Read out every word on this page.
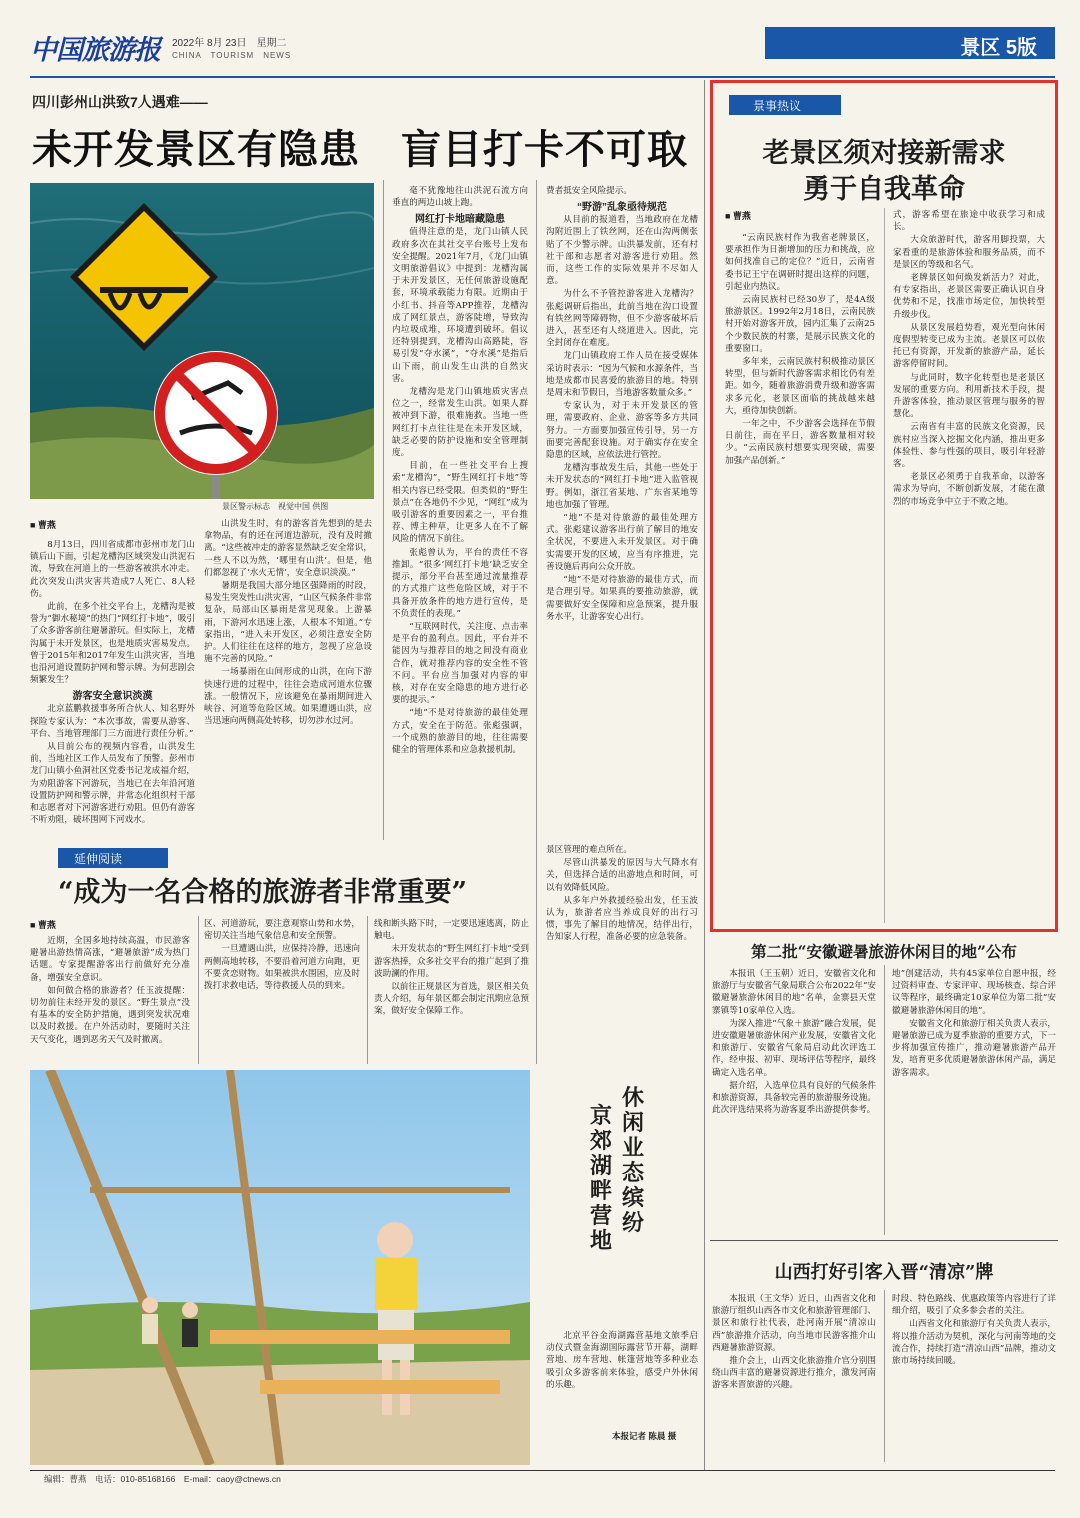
中国旅游报 2022年 8月 23日　星期二
CHINA　TOURISM　NEWS	景区 5版
四川彭州山洪致7人遇难——
未开发景区有隐患　盲目打卡不可取
景区警示标志　视觉中国 供图
■ 曹燕

8月13日，四川省成都市彭州市龙门山镇后山下面，引起龙槽沟区域突发山洪泥石流，导致在河道上的一些游客被洪水冲走。此次突发山洪灾害共造成7人死亡、8人轻伤。

此前，在多个社交平台上，龙槽沟是被誉为“御水秘境”的热门“网红打卡地”，吸引了众多游客前往避暑游玩。但实际上，龙槽沟属于未开发景区，也是地质灾害易发点。曾于2015年和2017年发生山洪灾害，当地也沿河道设置防护网和警示牌。为何悲剧会频繁发生？

游客安全意识淡漠

北京蓝鹏救援事务所合伙人、知名野外探险专家认为：“本次事故，需要从游客、平台、当地管理部门三方面进行责任分析。”

从目前公布的视频内容看，山洪发生前，当地社区工作人员发布了预警。彭州市龙门山镇小鱼洞社区党委书记龙成福介绍，为劝阻游客下河游玩，当地已在去年沿河道设置防护网和警示牌，并常态化组织村干部和志愿者对下河游客进行劝阻。但仍有游客不听劝阻，破坏围网下河戏水。

山洪发生时，有的游客首先想到的是去拿物品，有的还在河道边游玩，没有及时撤离。“这些被冲走的游客显然缺乏安全常识，一些人不以为然，‘哪里有山洪’。但是，他们都忽视了‘水火无情’，安全意识淡漠。”

暑期是我国大部分地区强降雨的时段，易发生突发性山洪灾害，“山区气候条件非常复杂，局部山区暴雨是常见现象。上游暴雨，下游河水迅速上涨，人根本不知道。”专家指出，“进入未开发区，必须注意安全防护。人们往往在这样的地方，忽视了应急设施不完善的风险。”

一场暴雨在山间形成的山洪，在向下游快速行进的过程中，往往会造成河道水位骤涨。一般情况下，应该避免在暴雨期间进入峡谷、河道等危险区域。如果遭遇山洪，应当迅速向两侧高处转移，切勿涉水过河。

毫不犹豫地往山洪泥石流方向垂直的两边山坡上跑。

网红打卡地暗藏隐患

值得注意的是，龙门山镇人民政府多次在其社交平台账号上发布安全提醒。2021年7月，《龙门山镇文明旅游倡议》中提到：龙槽沟属于未开发景区，无任何旅游设施配套，环境承载能力有限。近期由于小红书、抖音等APP推荐，龙槽沟成了网红景点，游客陡增，导致沟内垃圾成堆，环境遭到破坏。倡议还特别提到，龙槽沟山高路陡，容易引发“夺水溪”，“夺水溪”是指后山下雨，前山发生山洪的自然灾害。

龙槽沟是龙门山镇地质灾害点位之一，经常发生山洪。如果人群被冲到下游，很难施救。当地一些网红打卡点往往是在未开发区域，缺乏必要的防护设施和安全管理制度。

目前，在一些社交平台上搜索“龙槽沟”，“野生网红打卡地”等相关内容已经受限。但类似的“野生景点”在各地仍不少见，“网红”成为吸引游客的重要因素之一，平台推荐、博主种草，让更多人在不了解风险的情况下前往。

张彪曾认为，平台的责任不容推卸。“很多‘网红打卡地’缺乏安全提示，部分平台甚至通过流量推荐的方式推广这些危险区域，对于不具备开放条件的地方进行宣传，是不负责任的表现。”

“互联网时代，关注度、点击率是平台的盈利点。因此，平台并不能因为与推荐目的地之间没有商业合作，就对推荐内容的安全性不管不问。平台应当加强对内容的审核，对存在安全隐患的地方进行必要的提示。”

“地”不是对待旅游的最佳处理方式，安全在于防范。张彪强调，一个成熟的旅游目的地，往往需要健全的管理体系和应急救援机制。

费者抵安全风险提示。

“野游”乱象亟待规范

从目前的报道看，当地政府在龙槽沟附近围上了铁丝网，还在山沟两侧张贴了不少警示牌。山洪暴发前，还有村社干部和志愿者对游客进行劝阻。然而，这些工作的实际效果并不尽如人意。

为什么不予管控游客进入龙槽沟？张彪调研后指出，此前当地在沟口设置有铁丝网等障碍物，但不少游客破坏后进入，甚至还有人绕道进入。因此，完全封闭存在难度。

龙门山镇政府工作人员在接受媒体采访时表示：“因为气候和水源条件，当地是成都市民喜爱的旅游目的地。特别是周末和节假日，当地游客数量众多。”

专家认为，对于未开发景区的管理，需要政府、企业、游客等多方共同努力。一方面要加强宣传引导，另一方面要完善配套设施。对于确实存在安全隐患的区域，应依法进行管控。

龙槽沟事故发生后，其他一些处于未开发状态的“网红打卡地”进入监管视野。例如，浙江省某地、广东省某地等地也加强了管理。

“地”不是对待旅游的最佳处理方式。张彪建议游客出行前了解目的地安全状况，不要进入未开发景区。对于确实需要开发的区域，应当有序推进，完善设施后再向公众开放。

“地”不是对待旅游的最佳方式，而是合理引导。如果真的要推动旅游，就需要做好安全保障和应急预案，提升服务水平，让游客安心出行。

景事热议
老景区须对接新需求
勇于自我革命
■ 曹燕

“云南民族村作为我省老牌景区，要承担作为日渐增加的压力和挑战，应如何找准自己的定位？”近日，云南省委书记王宁在调研时提出这样的问题，引起业内热议。

云南民族村已经30岁了，是4A级旅游景区。1992年2月18日，云南民族村开始对游客开放，园内汇集了云南25个少数民族的村寨，是展示民族文化的重要窗口。

多年来，云南民族村积极推动景区转型，但与新时代游客需求相比仍有差距。如今，随着旅游消费升级和游客需求多元化，老景区面临的挑战越来越大，亟待加快创新。

一年之中，不少游客会选择在节假日前往，而在平日，游客数量相对较少。“云南民族村想要实现突破，需要加强产品创新。”

式，游客希望在旅途中收获学习和成长。

大众旅游时代，游客用脚投票，大家看重的是旅游体验和服务品质，而不是景区的等级和名气。

老牌景区如何焕发新活力？对此，有专家指出，老景区需要正确认识自身优势和不足，找准市场定位，加快转型升级步伐。

从景区发展趋势看，观光型向休闲度假型转变已成为主流。老景区可以依托已有资源，开发新的旅游产品，延长游客停留时间。

与此同时，数字化转型也是老景区发展的重要方向。利用新技术手段，提升游客体验，推动景区管理与服务的智慧化。

云南省有丰富的民族文化资源，民族村应当深入挖掘文化内涵，推出更多体验性、参与性强的项目，吸引年轻游客。

老景区必须勇于自我革命，以游客需求为导向，不断创新发展，才能在激烈的市场竞争中立于不败之地。

延伸阅读
“成为一名合格的旅游者非常重要”
■ 曹燕

近期，全国多地持续高温，市民游客避暑出游热情高涨，“避暑旅游”成为热门话题。专家提醒游客出行前做好充分准备，增强安全意识。

如何做合格的旅游者？任玉波提醒：切勿前往未经开发的景区。“野生景点”没有基本的安全防护措施，遇到突发状况难以及时救援。在户外活动时，要随时关注天气变化，遇到恶劣天气及时撤离。

区、河道游玩，要注意观察山势和水势，密切关注当地气象信息和安全预警。

一旦遭遇山洪，应保持冷静，迅速向两侧高地转移，不要沿着河道方向跑，更不要贪恋财物。如果被洪水围困，应及时拨打求救电话，等待救援人员的到来。

线和断头路下时，一定要迅速逃离，防止触电。

未开发状态的“野生网红打卡地”受到游客热捧，众多社交平台的推广起到了推波助澜的作用。

以前往正规景区为首选，景区相关负责人介绍，每年景区都会制定汛期应急预案，做好安全保障工作。

景区管理的难点所在。

尽管山洪暴发的原因与大气降水有关，但选择合适的出游地点和时间，可以有效降低风险。

从多年户外救援经验出发，任玉波认为，旅游者应当养成良好的出行习惯，事先了解目的地情况，结伴出行，告知家人行程，准备必要的应急装备。

京郊湖畔营地
休闲业态缤纷

北京平谷金海湖露营基地文旅季启动仪式暨金海湖国际露营节开幕，湖畔营地、房车营地、帐篷营地等多种业态吸引众多游客前来体验，感受户外休闲的乐趣。

本报记者 陈晨 摄
第二批“安徽避暑旅游休闲目的地”公布

本报讯（王玉朝）近日，安徽省文化和旅游厅与安徽省气象局联合公布2022年“安徽避暑旅游休闲目的地”名单，金寨县天堂寨镇等10家单位入选。

为深入推进“气象＋旅游”融合发展，促进安徽避暑旅游休闲产业发展，安徽省文化和旅游厅、安徽省气象局启动此次评选工作，经申报、初审、现场评估等程序，最终确定入选名单。

据介绍，入选单位具有良好的气候条件和旅游资源，具备较完善的旅游服务设施。此次评选结果将为游客夏季出游提供参考。

地”创建活动，共有45家单位自愿申报，经过资料审查、专家评审、现场核查、综合评议等程序，最终确定10家单位为第二批“安徽避暑旅游休闲目的地”。

安徽省文化和旅游厅相关负责人表示，避暑旅游已成为夏季旅游的重要方式，下一步将加强宣传推广，推动避暑旅游产品开发，培育更多优质避暑旅游休闲产品，满足游客需求。

山西打好引客入晋“清凉”牌

本报讯（王文华）近日，山西省文化和旅游厅组织山西各市文化和旅游管理部门、景区和旅行社代表，赴河南开展“清凉山西”旅游推介活动，向当地市民游客推介山西避暑旅游资源。

推介会上，山西文化旅游推介官分别围绕山西丰富的避暑资源进行推介，激发河南游客来晋旅游的兴趣。

时段、特色路线、优惠政策等内容进行了详细介绍，吸引了众多参会者的关注。

山西省文化和旅游厅有关负责人表示，将以推介活动为契机，深化与河南等地的交流合作，持续打造“清凉山西”品牌，推动文旅市场持续回暖。

编辑：曹燕　电话：010-85168166　E-mail：caoy@ctnews.cn
